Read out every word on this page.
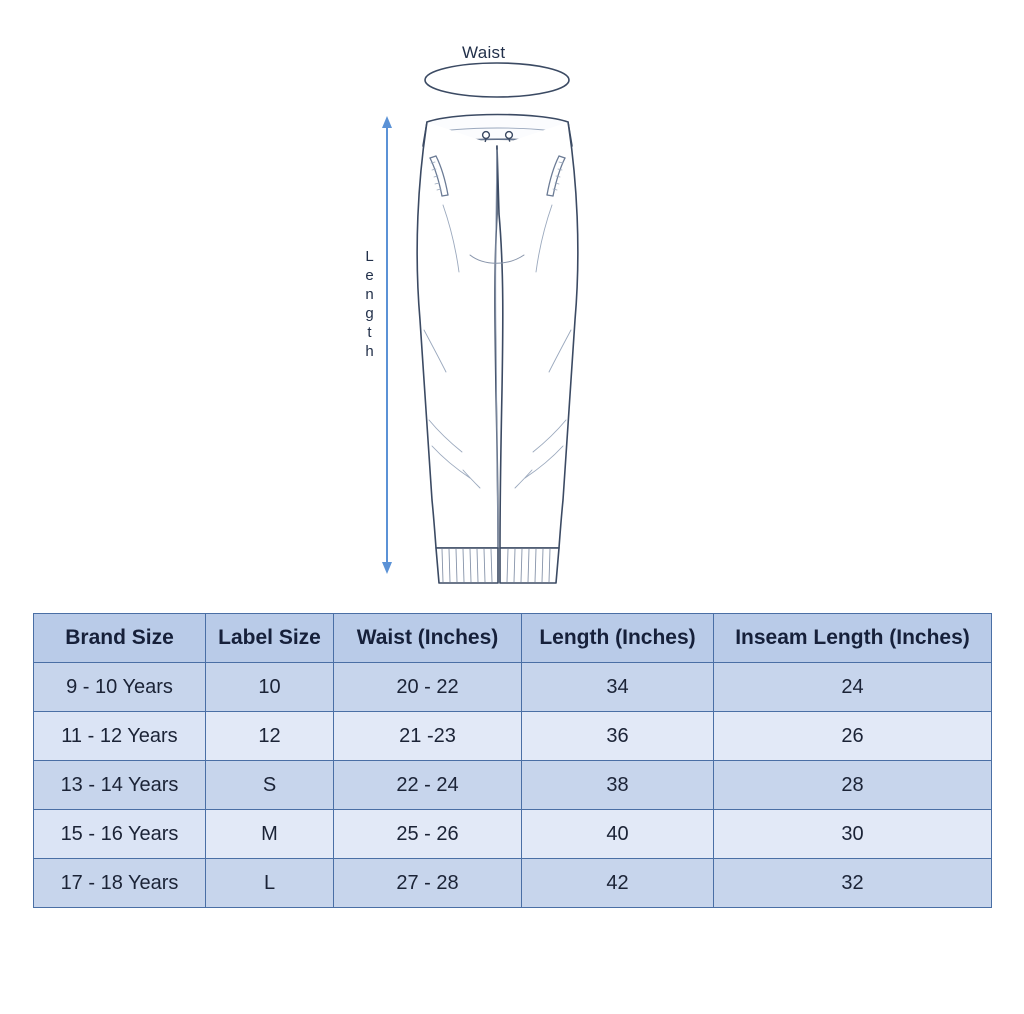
Waist
Length
Brand Size	Label Size	Waist (Inches)	Length (Inches)	Inseam Length (Inches)
9 - 10 Years	10	20 - 22	34	24
11 - 12 Years	12	21 -23	36	26
13 - 14 Years	S	22 - 24	38	28
15 - 16 Years	M	25 - 26	40	30
17 - 18 Years	L	27 - 28	42	32
